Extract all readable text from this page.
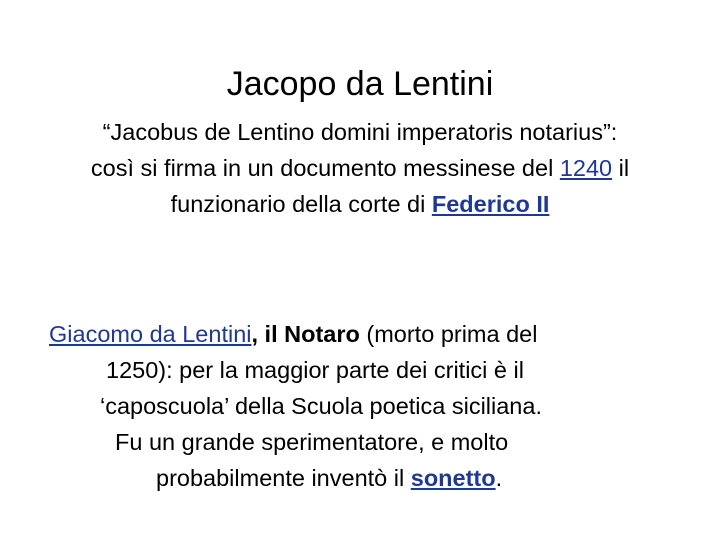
Jacopo da Lentini
“Jacobus de Lentino domini imperatoris notarius”:
così si firma in un documento messinese del 1240 il
funzionario della corte di Federico II
Giacomo da Lentini, il Notaro (morto prima del
1250): per la maggior parte dei critici è il
‘caposcuola’ della Scuola poetica siciliana.
Fu un grande sperimentatore, e molto
probabilmente inventò il sonetto.
